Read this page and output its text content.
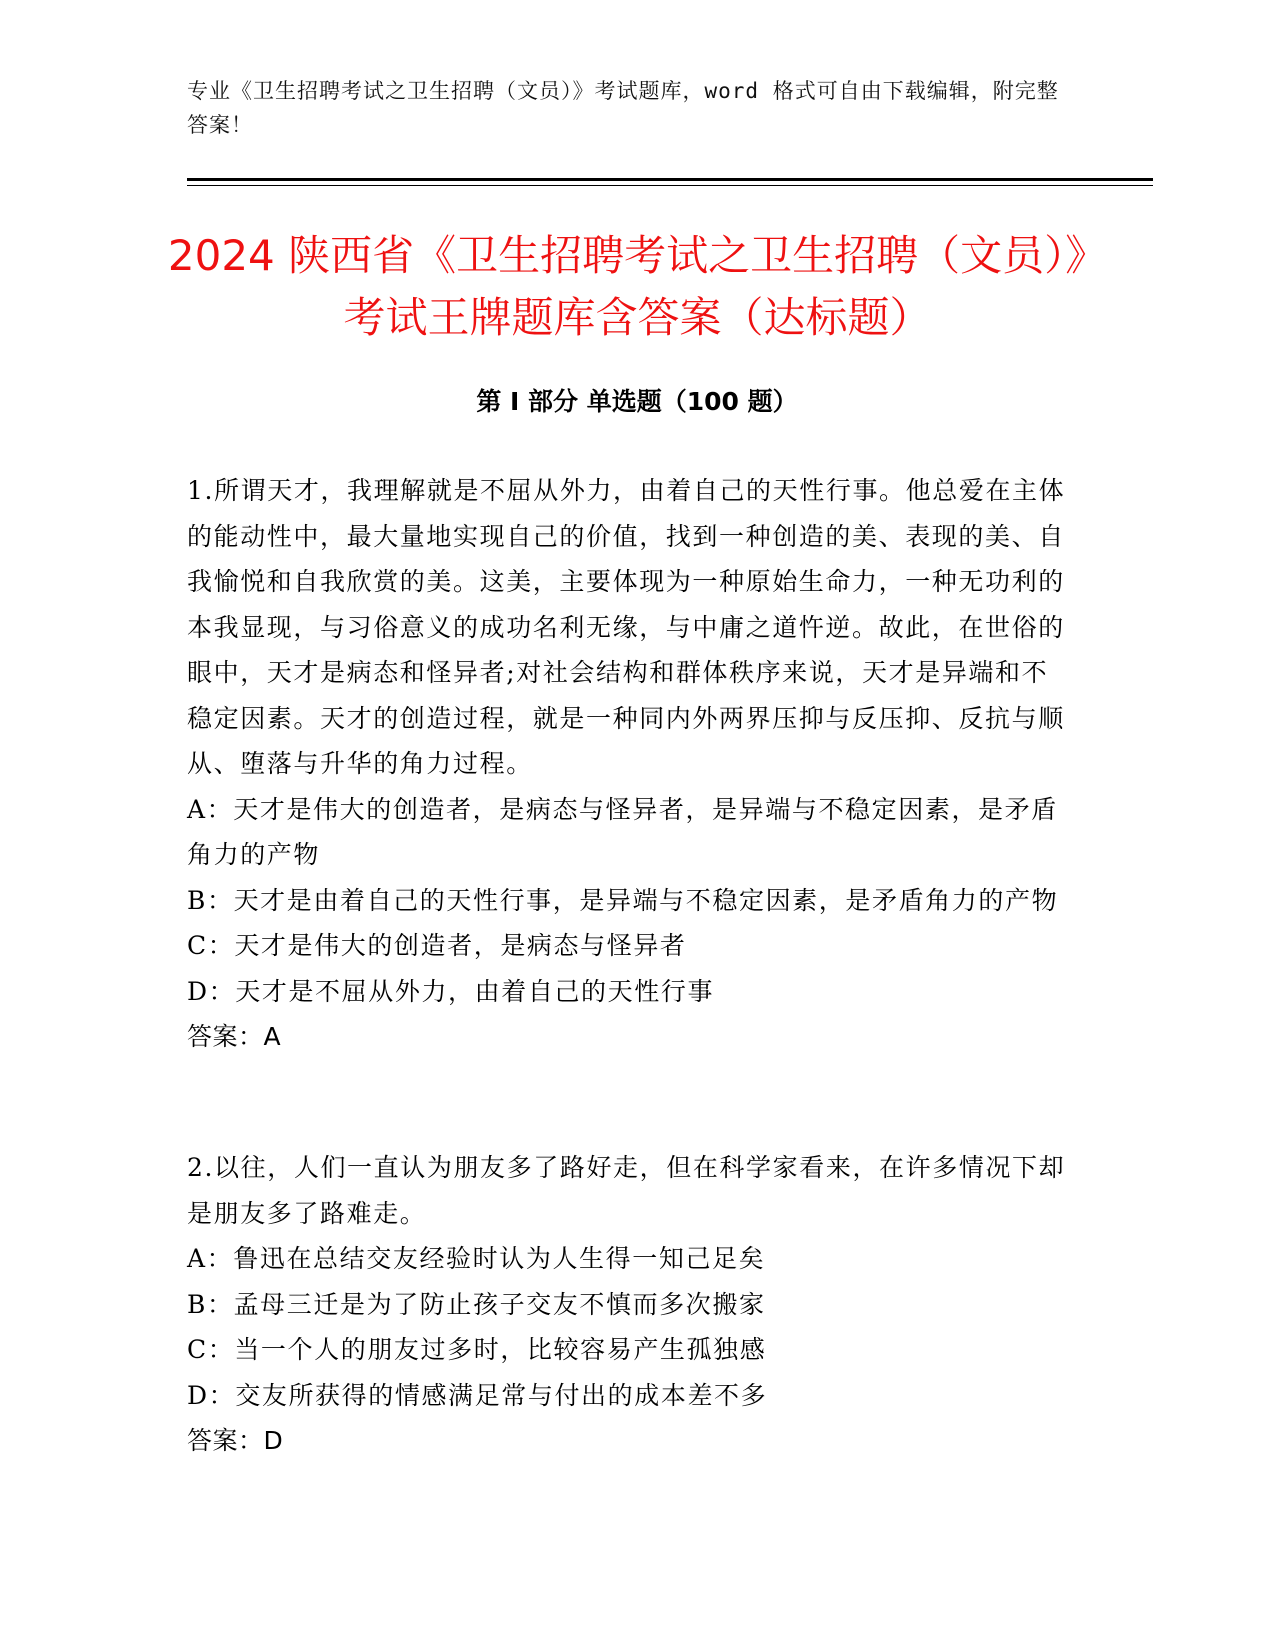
专业《卫生招聘考试之卫生招聘（文员）》考试题库，word 格式可自由下载编辑，附完整答案！
2024 陕西省《卫生招聘考试之卫生招聘（文员）》考试王牌题库含答案（达标题）
第 I 部分 单选题（100 题）

1.所谓天才，我理解就是不屈从外力，由着自己的天性行事。他总爱在主体的能动性中，最大量地实现自己的价值，找到一种创造的美、表现的美、自我愉悦和自我欣赏的美。这美，主要体现为一种原始生命力，一种无功利的本我显现，与习俗意义的成功名利无缘，与中庸之道忤逆。故此，在世俗的眼中，天才是病态和怪异者;对社会结构和群体秩序来说，天才是异端和不稳定因素。天才的创造过程，就是一种同内外两界压抑与反压抑、反抗与顺从、堕落与升华的角力过程。

A：天才是伟大的创造者，是病态与怪异者，是异端与不稳定因素，是矛盾角力的产物

B：天才是由着自己的天性行事，是异端与不稳定因素，是矛盾角力的产物

C：天才是伟大的创造者，是病态与怪异者

D：天才是不屈从外力，由着自己的天性行事

答案：A

2.以往，人们一直认为朋友多了路好走，但在科学家看来，在许多情况下却是朋友多了路难走。

A：鲁迅在总结交友经验时认为人生得一知己足矣

B：孟母三迁是为了防止孩子交友不慎而多次搬家

C：当一个人的朋友过多时，比较容易产生孤独感

D：交友所获得的情感满足常与付出的成本差不多

答案：D
